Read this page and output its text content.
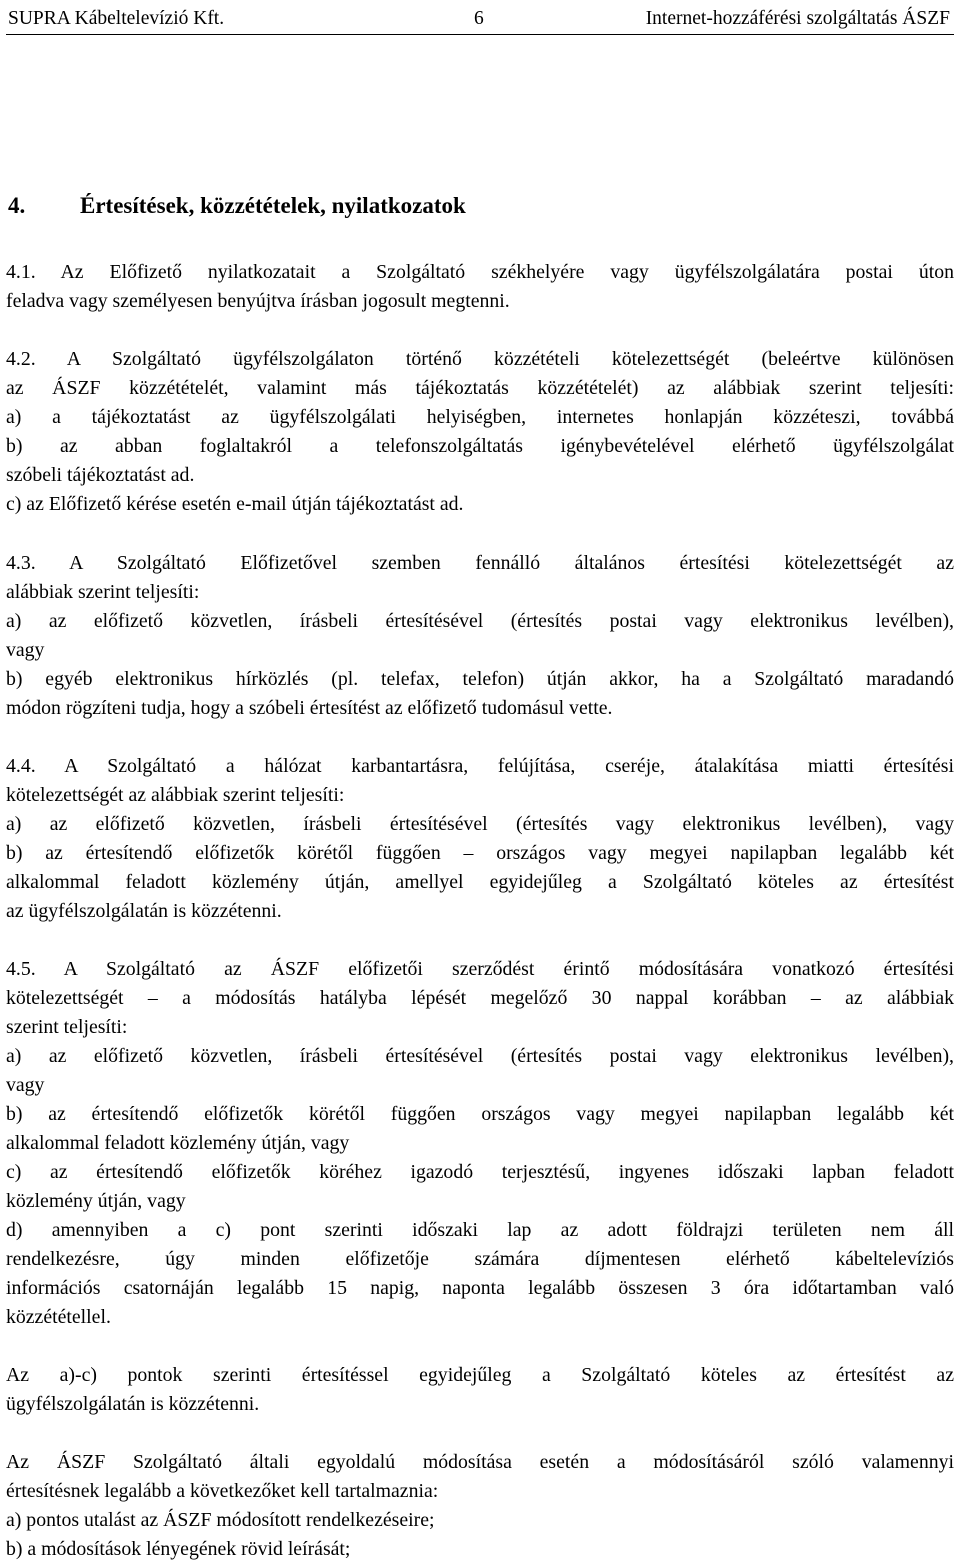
SUPRA Kábeltelevízió Kft.	6	Internet-hozzáférési szolgáltatás ÁSZF
4. Értesítések, közzétételek, nyilatkozatok
4.1. Az Előfizető nyilatkozatait a Szolgáltató székhelyére vagy ügyfélszolgálatára postai úton
feladva vagy személyesen benyújtva írásban jogosult megtenni.
4.2. A Szolgáltató ügyfélszolgálaton történő közzétételi kötelezettségét (beleértve különösen
az ÁSZF közzétételét, valamint más tájékoztatás közzétételét) az alábbiak szerint teljesíti:
a) a tájékoztatást az ügyfélszolgálati helyiségben, internetes honlapján közzéteszi, továbbá
b) az abban foglaltakról a telefonszolgáltatás igénybevételével elérhető ügyfélszolgálat
szóbeli tájékoztatást ad.
c) az Előfizető kérése esetén e-mail útján tájékoztatást ad.
4.3. A Szolgáltató Előfizetővel szemben fennálló általános értesítési kötelezettségét az
alábbiak szerint teljesíti:
a) az előfizető közvetlen, írásbeli értesítésével (értesítés postai vagy elektronikus levélben),
vagy
b) egyéb elektronikus hírközlés (pl. telefax, telefon) útján akkor, ha a Szolgáltató maradandó
módon rögzíteni tudja, hogy a szóbeli értesítést az előfizető tudomásul vette.
4.4. A Szolgáltató a hálózat karbantartásra, felújítása, cseréje, átalakítása miatti értesítési
kötelezettségét az alábbiak szerint teljesíti:
a) az előfizető közvetlen, írásbeli értesítésével (értesítés vagy elektronikus levélben), vagy
b) az értesítendő előfizetők körétől függően – országos vagy megyei napilapban legalább két
alkalommal feladott közlemény útján, amellyel egyidejűleg a Szolgáltató köteles az értesítést
az ügyfélszolgálatán is közzétenni.
4.5. A Szolgáltató az ÁSZF előfizetői szerződést érintő módosítására vonatkozó értesítési
kötelezettségét – a módosítás hatályba lépését megelőző 30 nappal korábban – az alábbiak
szerint teljesíti:
a) az előfizető közvetlen, írásbeli értesítésével (értesítés postai vagy elektronikus levélben),
vagy
b) az értesítendő előfizetők körétől függően országos vagy megyei napilapban legalább két
alkalommal feladott közlemény útján, vagy
c) az értesítendő előfizetők köréhez igazodó terjesztésű, ingyenes időszaki lapban feladott
közlemény útján, vagy
d) amennyiben a c) pont szerinti időszaki lap az adott földrajzi területen nem áll
rendelkezésre, úgy minden előfizetője számára díjmentesen elérhető kábeltelevíziós
információs csatornáján legalább 15 napig, naponta legalább összesen 3 óra időtartamban való
közzététellel.
Az a)-c) pontok szerinti értesítéssel egyidejűleg a Szolgáltató köteles az értesítést az
ügyfélszolgálatán is közzétenni.
Az ÁSZF Szolgáltató általi egyoldalú módosítása esetén a módosításáról szóló valamennyi
értesítésnek legalább a következőket kell tartalmaznia:
a) pontos utalást az ÁSZF módosított rendelkezéseire;
b) a módosítások lényegének rövid leírását;
